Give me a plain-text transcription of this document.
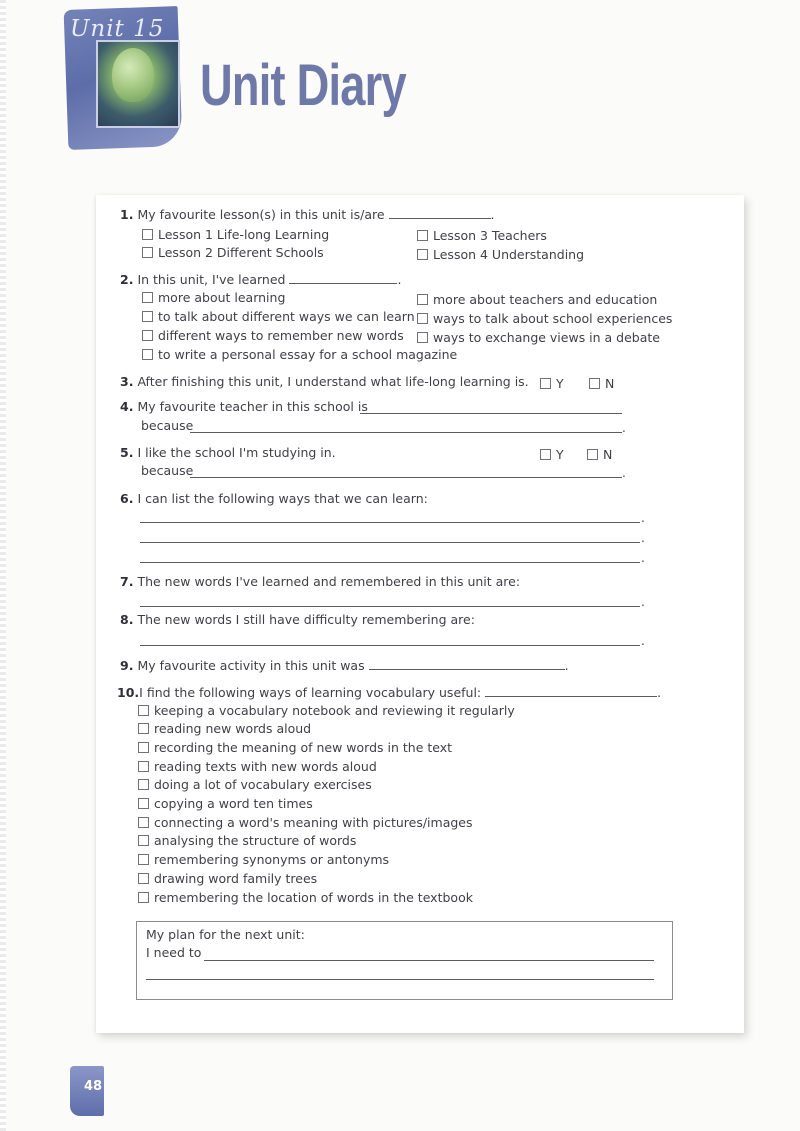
Unit 15
Unit Diary
1. My favourite lesson(s) in this unit is/are	.
Lesson 1 Life-long Learning
Lesson 2 Different Schools
Lesson 3 Teachers
Lesson 4 Understanding
2. In this unit, I've learned	.
more about learning
to talk about different ways we can learn
different ways to remember new words
to write a personal essay for a school magazine
more about teachers and education
ways to talk about school experiences
ways to exchange views in a debate
3. After finishing this unit, I understand what life-long learning is.	Y	N
4. My favourite teacher in this school is
because	.
5. I like the school I'm studying in.	Y	N
because	.
6. I can list the following ways that we can learn:
.
.
.
7. The new words I've learned and remembered in this unit are:
.
8. The new words I still have difficulty remembering are:
.
9. My favourite activity in this unit was	.
10.I find the following ways of learning vocabulary useful:	.
keeping a vocabulary notebook and reviewing it regularly
reading new words aloud
recording the meaning of new words in the text
reading texts with new words aloud
doing a lot of vocabulary exercises
copying a word ten times
connecting a word's meaning with pictures/images
analysing the structure of words
remembering synonyms or antonyms
drawing word family trees
remembering the location of words in the textbook
My plan for the next unit:
I need to
48
